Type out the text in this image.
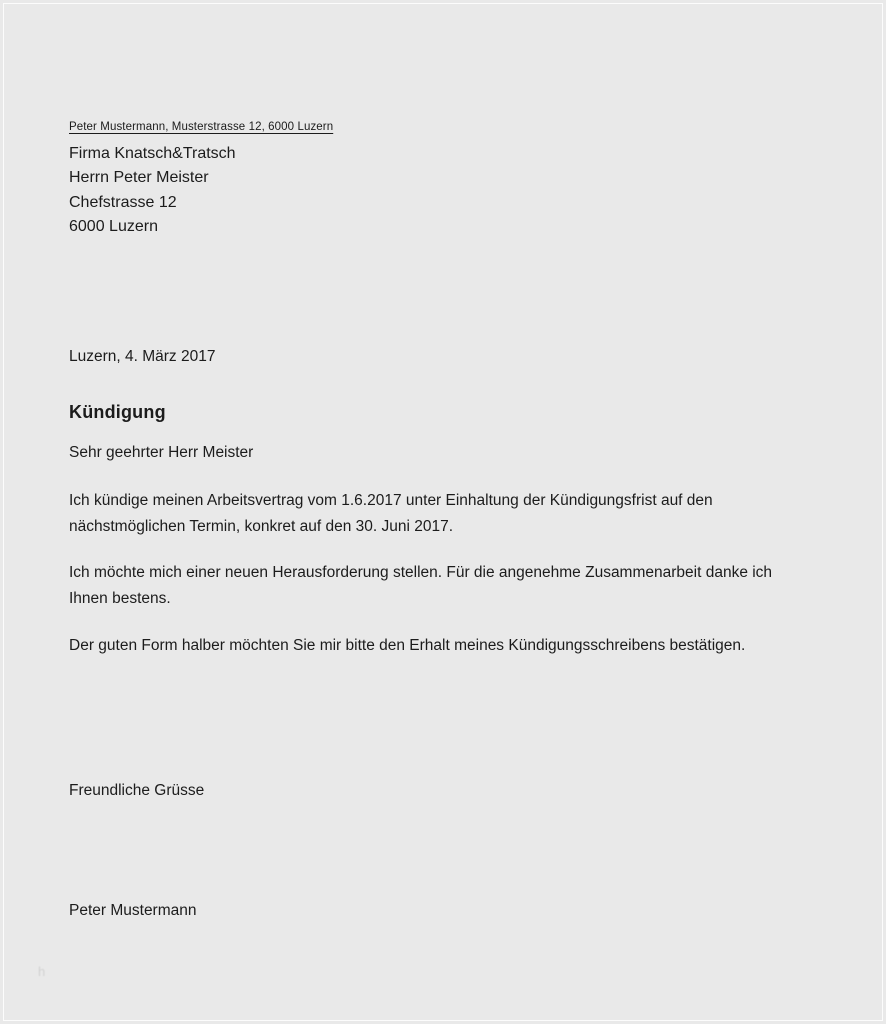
Peter Mustermann, Musterstrasse 12, 6000 Luzern
Firma Knatsch&Tratsch
Herrn Peter Meister
Chefstrasse 12
6000 Luzern
Luzern, 4. März 2017
Kündigung
Sehr geehrter Herr Meister
Ich kündige meinen Arbeitsvertrag vom 1.6.2017 unter Einhaltung der Kündigungsfrist auf den nächstmöglichen Termin, konkret auf den 30. Juni 2017.
Ich möchte mich einer neuen Herausforderung stellen. Für die angenehme Zusammenarbeit danke ich Ihnen bestens.
Der guten Form halber möchten Sie mir bitte den Erhalt meines Kündigungsschreibens bestätigen.
Freundliche Grüsse
Peter Mustermann
h
